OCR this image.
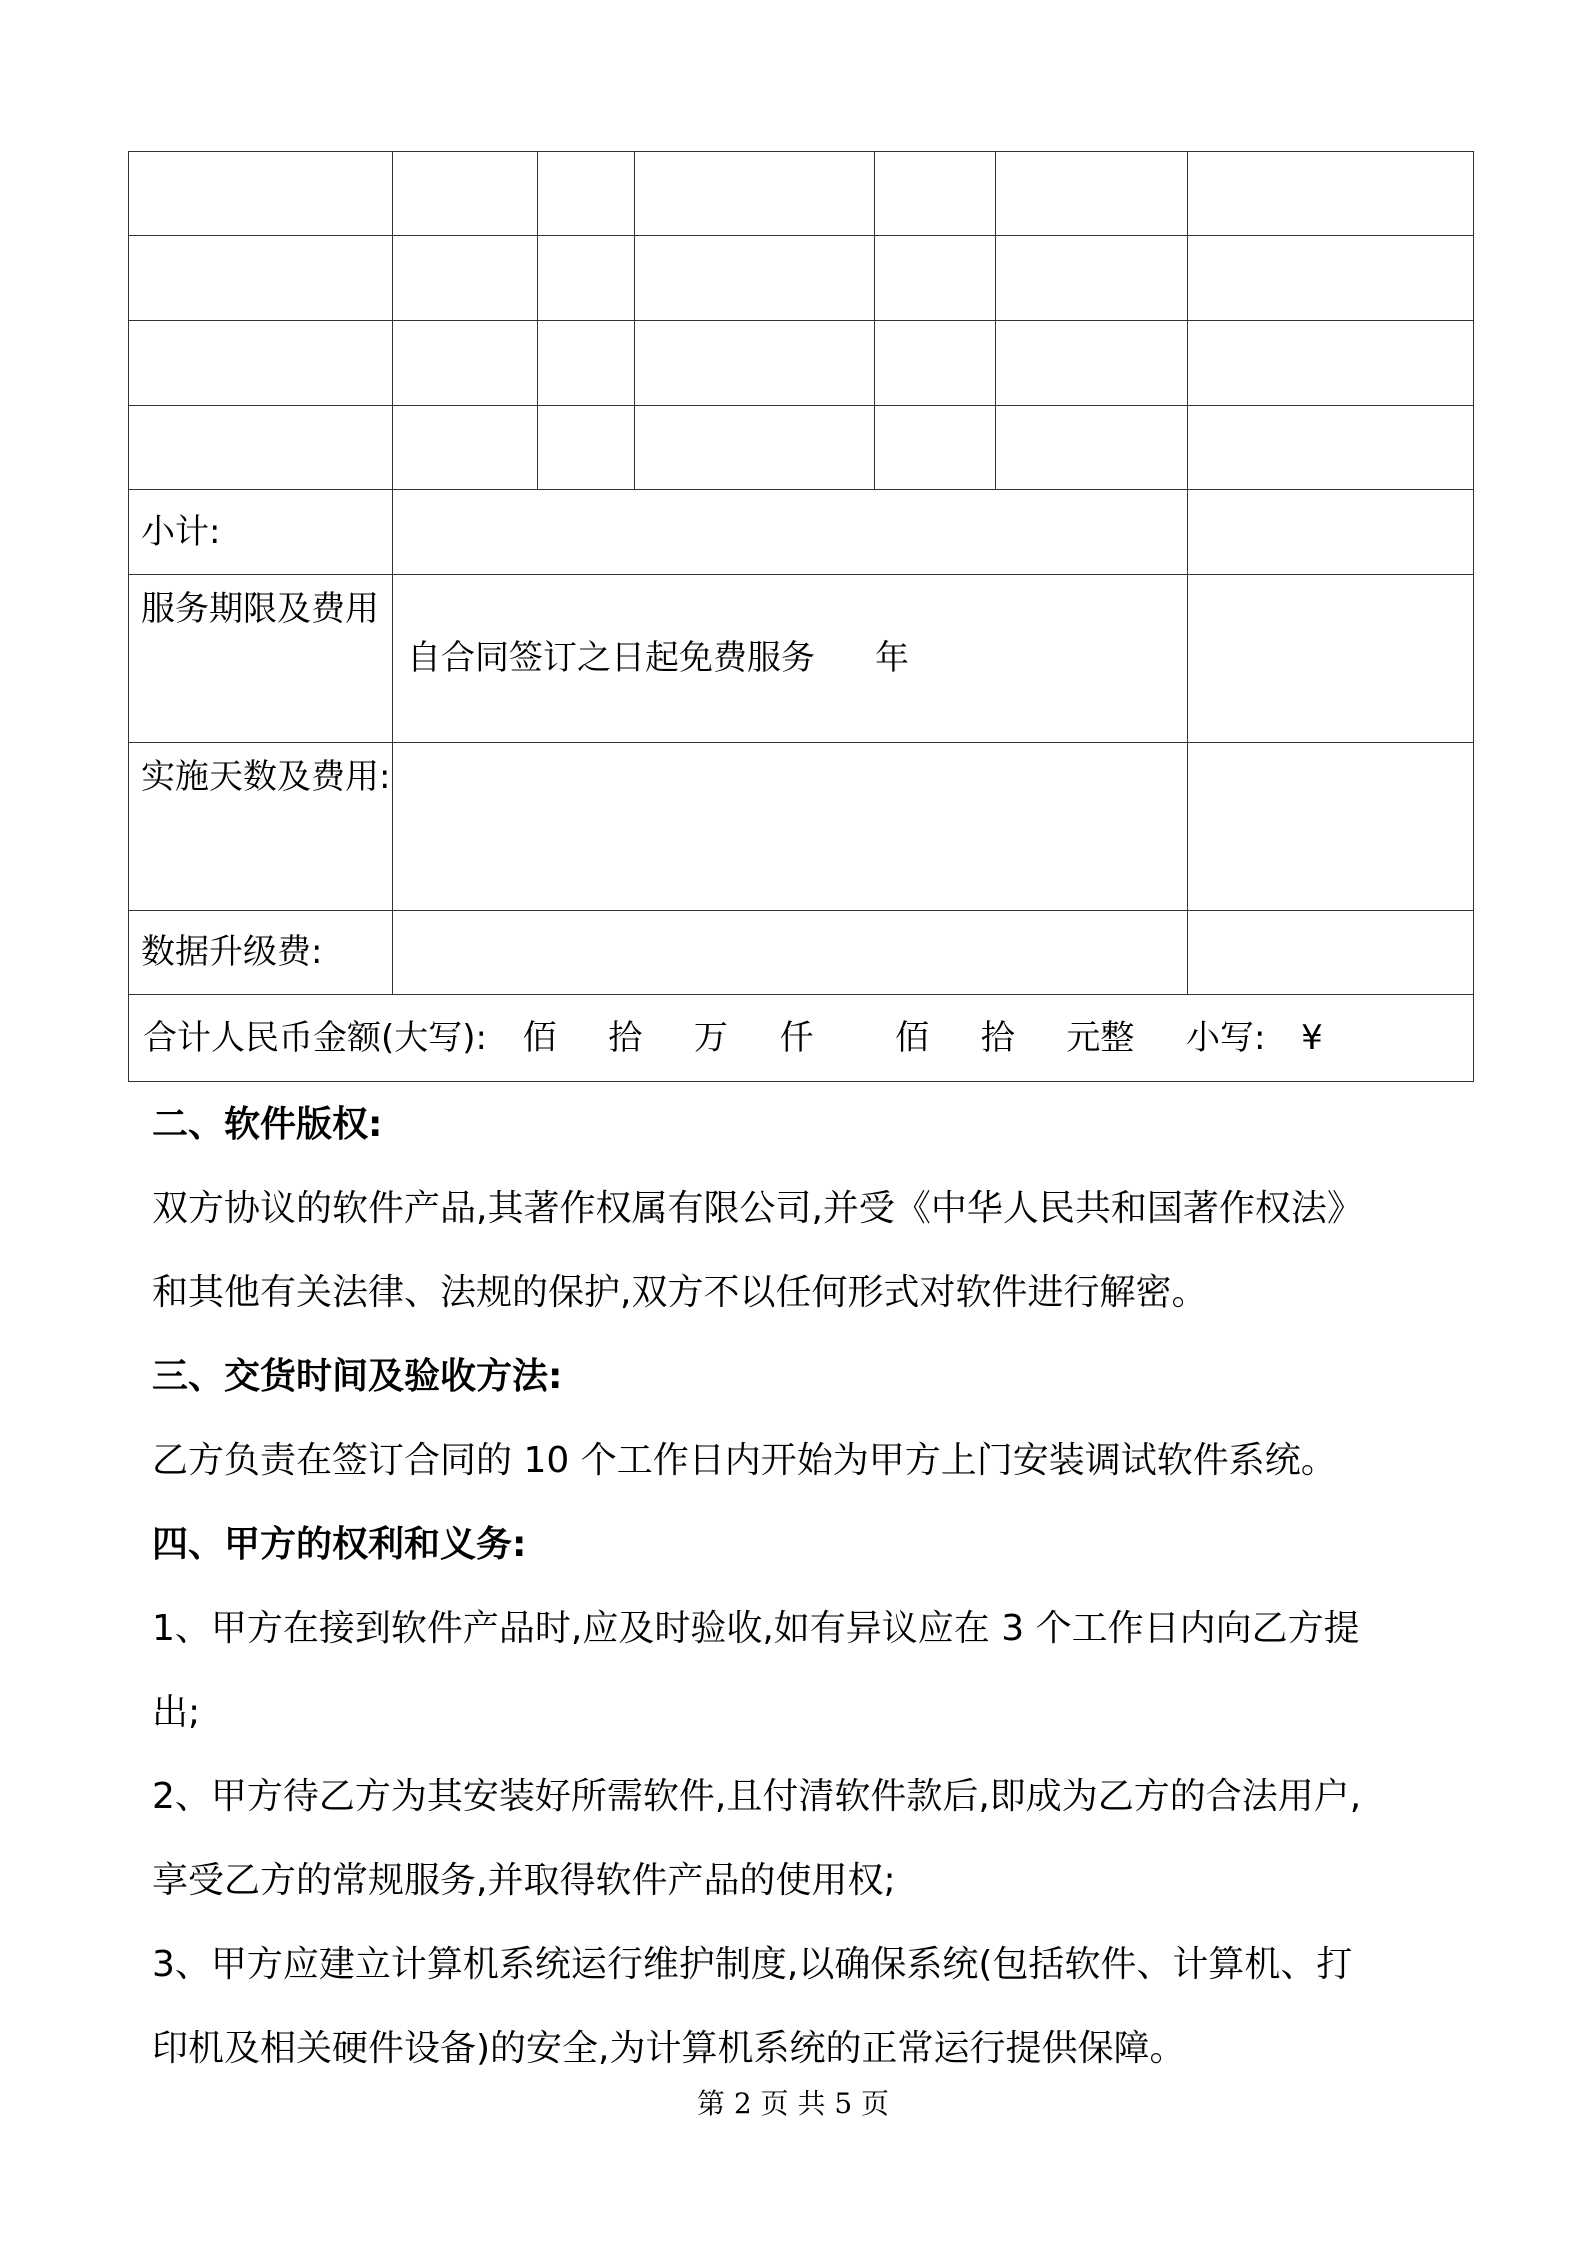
小计:						
服务期限及费用	自合同签订之日起免费服务 年					
实施天数及费用:						
数据升级费:						
合计人民币金额(大写): 佰 拾 万 仟 佰 拾 元整 小写: ¥						
二、软件版权:
双方协议的软件产品,其著作权属有限公司,并受《中华人民共和国著作权法》
和其他有关法律、法规的保护,双方不以任何形式对软件进行解密。
三、交货时间及验收方法:
乙方负责在签订合同的 10 个工作日内开始为甲方上门安装调试软件系统。
四、甲方的权利和义务:
1、甲方在接到软件产品时,应及时验收,如有异议应在 3 个工作日内向乙方提
出;
2、甲方待乙方为其安装好所需软件,且付清软件款后,即成为乙方的合法用户,
享受乙方的常规服务,并取得软件产品的使用权;
3、甲方应建立计算机系统运行维护制度,以确保系统(包括软件、计算机、打
印机及相关硬件设备)的安全,为计算机系统的正常运行提供保障。
第 2 页 共 5 页
